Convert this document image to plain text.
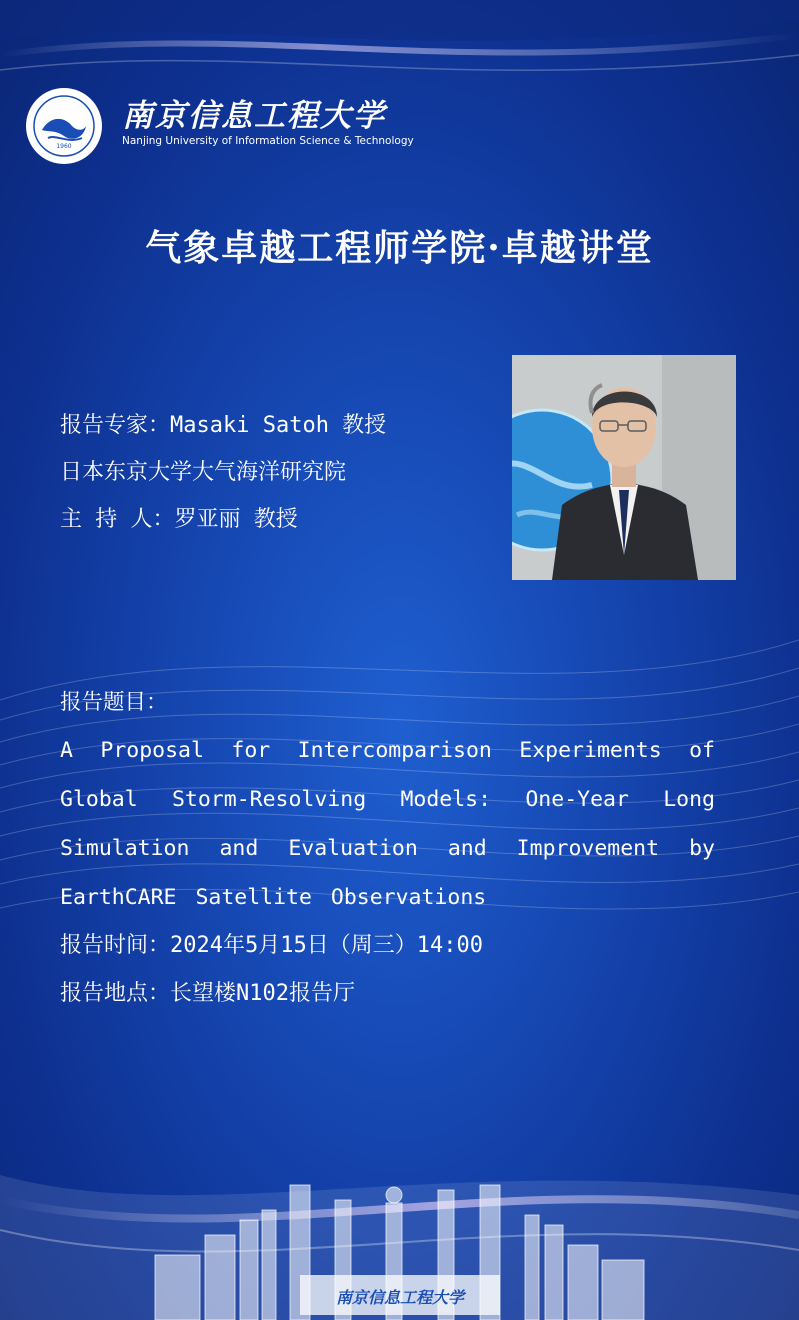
1960
南京信息工程大学
Nanjing University of Information Science & Technology
气象卓越工程师学院·卓越讲堂
报告专家：Masaki Satoh 教授
日本东京大学大气海洋研究院
主 持 人：罗亚丽 教授
报告题目：
A Proposal for Intercomparison Experiments of Global Storm-Resolving Models: One-Year Long Simulation and Evaluation and Improvement by EarthCARE Satellite Observations
报告时间：2024年5月15日（周三）14:00
报告地点：长望楼N102报告厅
南京信息工程大学
